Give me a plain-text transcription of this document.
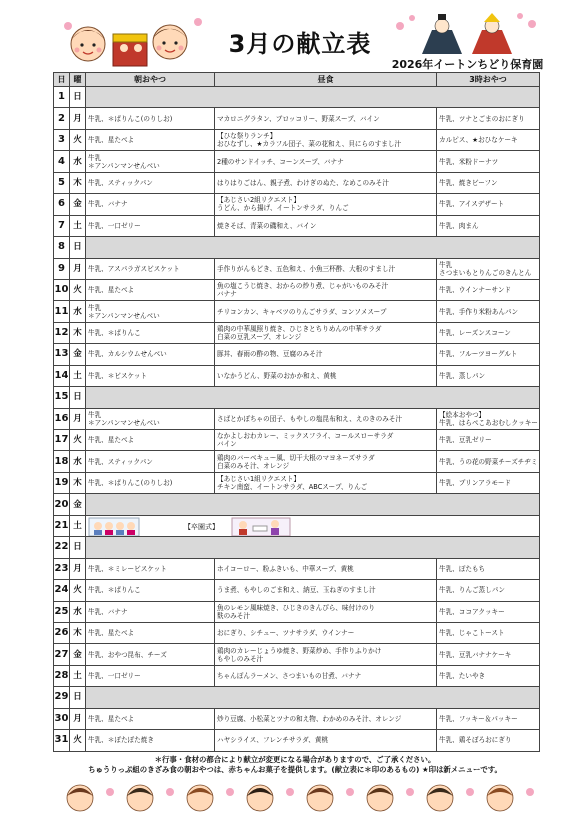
3月の献立表
2026年イートンちどり保育園
日	曜	朝おやつ	昼食	3時おやつ
1	日			
2	月	牛乳、＊ぱりんこ(のりしお)	マカロニグラタン、ブロッコリー、野菜スープ、バイン	牛乳、ツナとごまのおにぎり

3	火	牛乳、星たべよ	【ひな祭りランチ】
おひなずし、★カラフル団子、菜の花和え、貝にらのすまし汁	カルピス、★おひなケーキ

4	水	牛乳
＊アンパンマンせんべい	2種のサンドイッチ、コーンスープ、バナナ	牛乳、米粉ドーナツ

5	木	牛乳、スティックパン	はりはりごはん、親子煮、わけぎのぬた、なめこのみそ汁	牛乳、焼きビーフン

6	金	牛乳、バナナ	【あじさい2組リクエスト】
うどん、から揚げ、イートンサラダ、りんご	牛乳、アイスデザート

7	土	牛乳、一口ゼリー	焼きそば、青菜の磯和え、バイン	牛乳、肉まん

8	日			
9	月	牛乳、アスパラガスビスケット	手作りがんもどき、五色和え、小魚三杯酢、大根のすまし汁	牛乳
さつまいもとりんごのきんとん

10	火	牛乳、星たべよ	魚の塩こうじ焼き、おからの炒り煮、じゃがいものみそ汁
バナナ	牛乳、ウインナーサンド

11	水	牛乳
＊アンパンマンせんべい	チリコンカン、キャベツのりんごサラダ、コンソメスープ	牛乳、手作り米粉あんパン

12	木	牛乳、＊ぱりんこ	鶏肉の中華風照り焼き、ひじきとちりめんの中華サラダ
白菜の豆乳スープ、オレンジ	牛乳、レーズンスコーン

13	金	牛乳、カルシウムせんべい	豚丼、春雨の酢の物、豆腐のみそ汁	牛乳、フルーツヨーグルト

14	土	牛乳、＊ビスケット	いなかうどん、野菜のおかか和え、黄桃	牛乳、蒸しパン

15	日			
16	月	牛乳
＊アンパンマンせんべい	さばとかぼちゃの団子、もやしの塩昆布和え、えのきのみそ汁	【絵本おやつ】
牛乳、はらぺこあおむしクッキー

17	火	牛乳、星たべよ	なかよしおわカレー、ミックスフライ、コールスローサラダ
バイン	牛乳、豆乳ゼリー

18	水	牛乳、スティックパン	鶏肉のバーベキュー風、切干大根のマヨネーズサラダ
白菜のみそ汁、オレンジ	牛乳、うの花の野菜チーズチヂミ

19	木	牛乳、＊ぱりんこ(のりしお)	【あじさい1組リクエスト】
チキン南蛮、イートンサラダ、ABCスープ、りんご	牛乳、プリンアラモード

20	金			
21	土	【卒園式】		

22	日			
23	月	牛乳、＊ミレービスケット	ホイコーロー、粉ふきいも、中華スープ、黄桃	牛乳、ぽたもち

24	火	牛乳、＊ぱりんこ	うま煮、もやしのごま和え、納豆、玉ねぎのすまし汁	牛乳、りんご蒸しパン

25	水	牛乳、バナナ	魚のレモン風味焼き、ひじきのきんぴら、味付けのり
麩のみそ汁	牛乳、ココアクッキー

26	木	牛乳、星たべよ	おにぎり、シチュー、ツナサラダ、ウインナー	牛乳、じゃこトースト

27	金	牛乳、おやつ昆布、チーズ	鶏肉のカレーじょうゆ焼き、野菜炒め、手作りふりかけ
もやしのみそ汁	牛乳、豆乳バナナケーキ

28	土	牛乳、一口ゼリー	ちゃんぽんラーメン、さつまいもの甘煮、バナナ	牛乳、たいやき

29	日			
30	月	牛乳、星たべよ	炒り豆腐、小松菜とツナの和え物、わかめのみそ汁、オレンジ	牛乳、フッキー＆パッキー

31	火	牛乳、＊ぼたぼた焼き	ハヤシライス、フレンチサラダ、黄桃	牛乳、鶏そぼろおにぎり
＊行事・食材の都合により献立が変更になる場合がありますので、ご了承ください。
ちゅうりっぷ組のきざみ食の朝おやつは、赤ちゃんお菓子を提供します。(献立表に＊印のあるもの) ★印は新メニューです。
